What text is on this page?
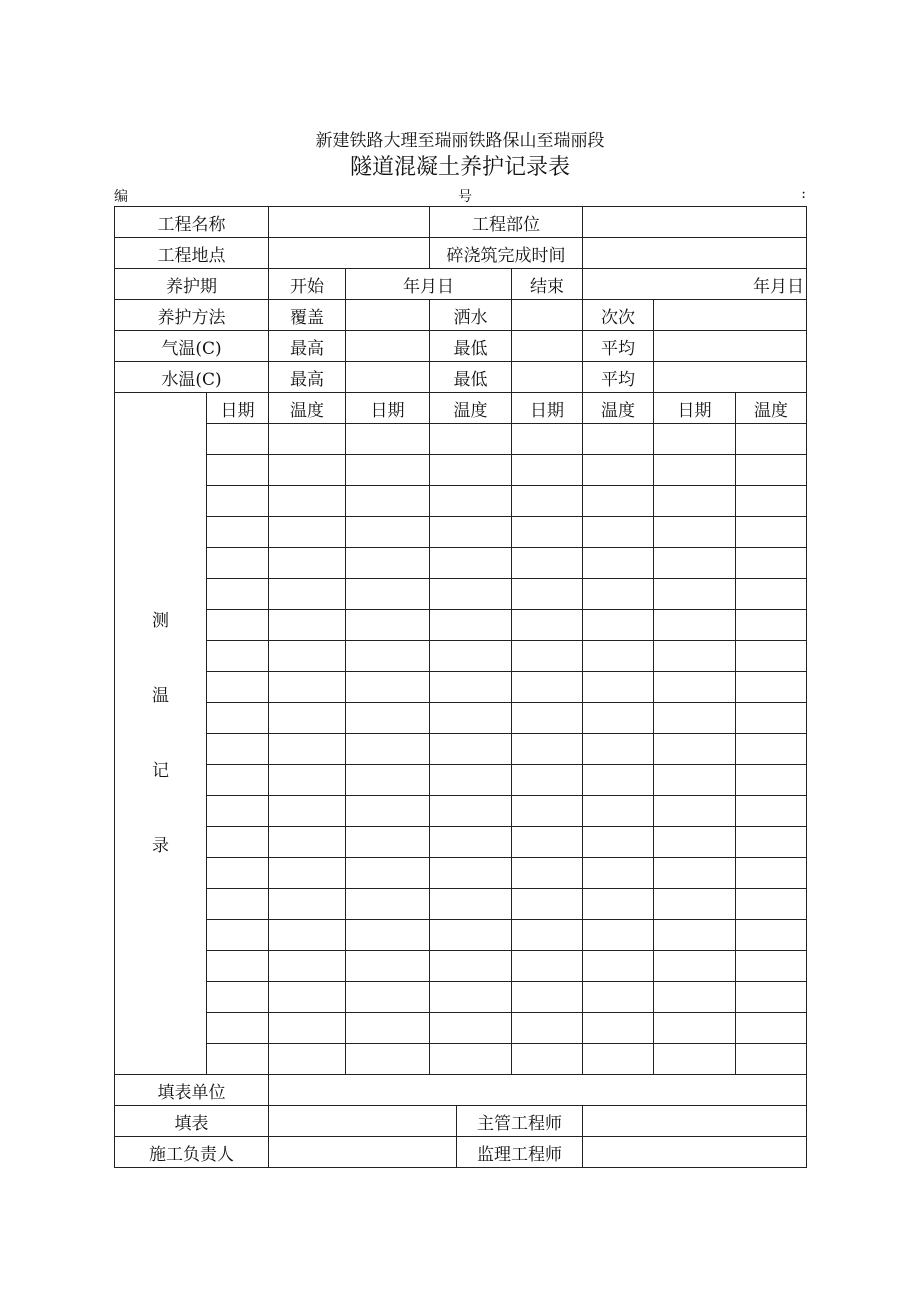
新建铁路大理至瑞丽铁路保山至瑞丽段
隧道混凝土养护记录表
编	号	:
工程名称				工程部位					
工程地点				碎浇筑完成时间					
养护期		开始	年月日			结束	年月日		
养护方法		覆盖		洒水			次次		
气温(C)		最高		最低			平均		
水温(C)		最高		最低			平均		

测
温
记
录	日期	温度	日期	温度		日期	温度	日期	温度

填表单位									
填表					主管工程师				
施工负责人					监理工程师				
